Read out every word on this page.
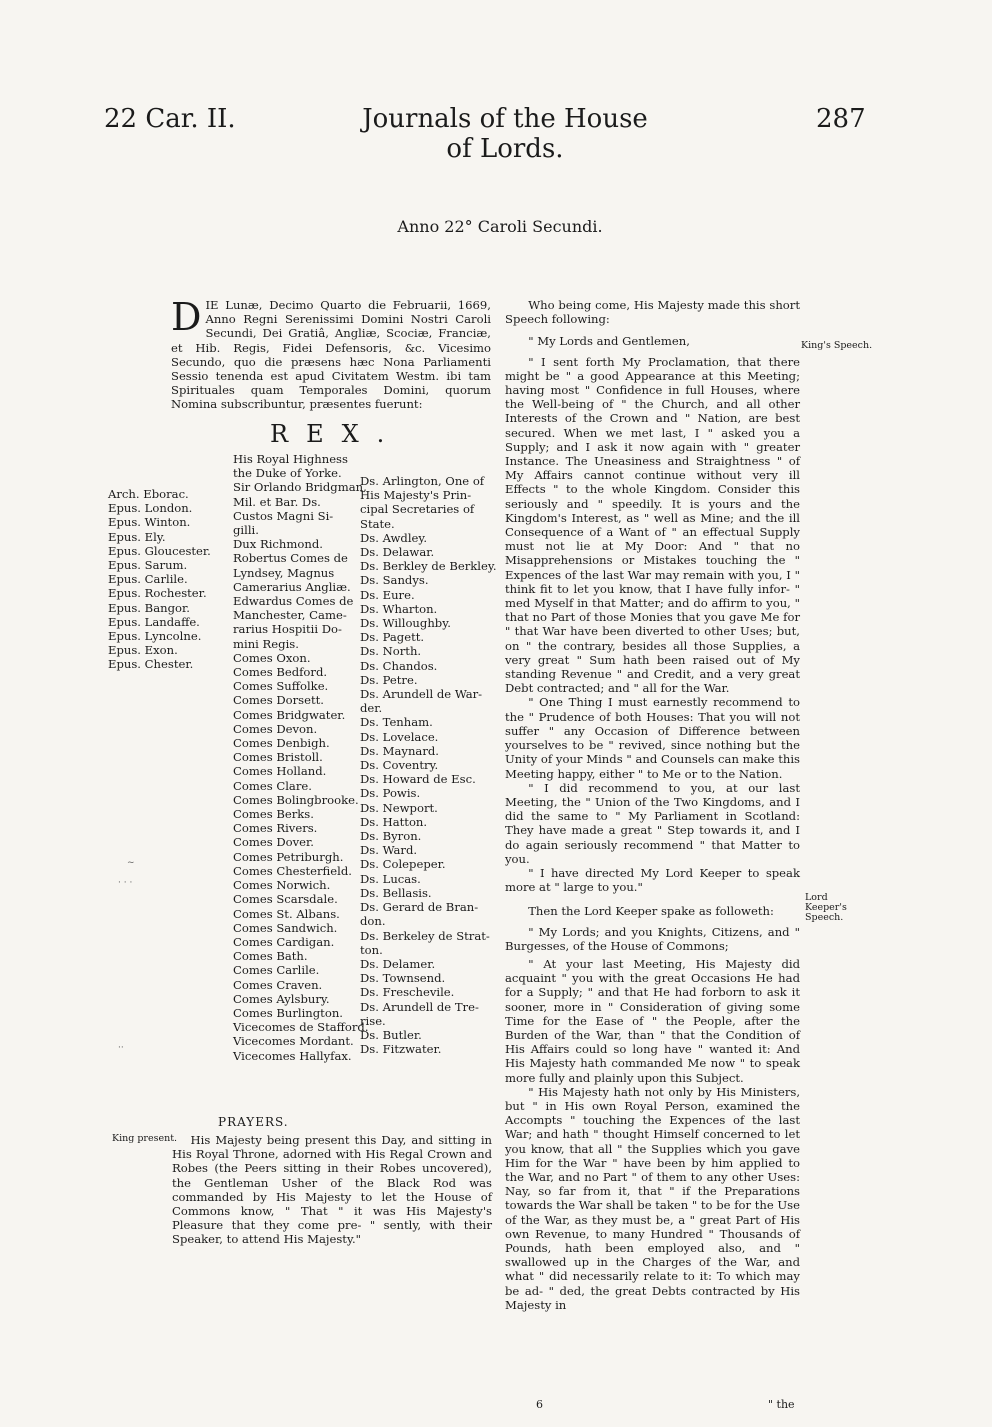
22 Car. II.	Journals of the House of Lords.
287
Anno 22° Caroli Secundi.
D IE Lunæ, Decimo Quarto die Februarii, 1669, Anno Regni Serenissimi Domini Nostri Caroli Secundi, Dei Gratiâ, Angliæ, Scociæ, Franciæ, et Hib. Regis, Fidei Defensoris, &c. Vicesimo Secundo, quo die præsens hæc Nona Parliamenti Sessio tenenda est apud Civitatem Westm. ibi tam Spirituales quam Temporales Domini, quorum Nomina subscribuntur, præsentes fuerunt:
REX.
Arch. Eborac.
Epus. London.
Epus. Winton.
Epus. Ely.
Epus. Gloucester.
Epus. Sarum.
Epus. Carlile.
Epus. Rochester.
Epus. Bangor.
Epus. Landaffe.
Epus. Lyncolne.
Epus. Exon.
Epus. Chester.
His Royal Highness
the Duke of Yorke.
Sir Orlando Bridgman,
Mil. et Bar. Ds.
Custos Magni Si-
gilli.
Dux Richmond.
Robertus Comes de
Lyndsey, Magnus
Camerarius Angliæ.
Edwardus Comes de
Manchester, Came-
rarius Hospitii Do-
mini Regis.
Comes Oxon.
Comes Bedford.
Comes Suffolke.
Comes Dorsett.
Comes Bridgwater.
Comes Devon.
Comes Denbigh.
Comes Bristoll.
Comes Holland.
Comes Clare.
Comes Bolingbrooke.
Comes Berks.
Comes Rivers.
Comes Dover.
Comes Petriburgh.
Comes Chesterfield.
Comes Norwich.
Comes Scarsdale.
Comes St. Albans.
Comes Sandwich.
Comes Cardigan.
Comes Bath.
Comes Carlile.
Comes Craven.
Comes Aylsbury.
Comes Burlington.
Vicecomes de Stafford.
Vicecomes Mordant.
Vicecomes Hallyfax.
Ds. Arlington, One of
His Majesty's Prin-
cipal Secretaries of
State.
Ds. Awdley.
Ds. Delawar.
Ds. Berkley de Berkley.
Ds. Sandys.
Ds. Eure.
Ds. Wharton.
Ds. Willoughby.
Ds. Pagett.
Ds. North.
Ds. Chandos.
Ds. Petre.
Ds. Arundell de War-
der.
Ds. Tenham.
Ds. Lovelace.
Ds. Maynard.
Ds. Coventry.
Ds. Howard de Esc.
Ds. Powis.
Ds. Newport.
Ds. Hatton.
Ds. Byron.
Ds. Ward.
Ds. Colepeper.
Ds. Lucas.
Ds. Bellasis.
Ds. Gerard de Bran-
don.
Ds. Berkeley de Strat-
ton.
Ds. Delamer.
Ds. Townsend.
Ds. Freschevile.
Ds. Arundell de Tre-
rise.
Ds. Butler.
Ds. Fitzwater.
~
· · ·
··
PRAYERS.
His Majesty being present this Day, and sitting in His Royal Throne, adorned with His Regal Crown and Robes (the Peers sitting in their Robes uncovered), the Gentleman Usher of the Black Rod was commanded by His Majesty to let the House of Commons know, " That " it was His Majesty's Pleasure that they come pre- " sently, with their Speaker, to attend His Majesty."
King present.
King's Speech.
Lord Keeper's Speech.

Who being come, His Majesty made this short Speech following:

" My Lords and Gentlemen,

" I sent forth My Proclamation, that there might be " a good Appearance at this Meeting; having most " Confidence in full Houses, where the Well-being of " the Church, and all other Interests of the Crown and " Nation, are best secured. When we met last, I " asked you a Supply; and I ask it now again with " greater Instance. The Uneasiness and Straightness " of My Affairs cannot continue without very ill Effects " to the whole Kingdom. Consider this seriously and " speedily. It is yours and the Kingdom's Interest, as " well as Mine; and the ill Consequence of a Want of " an effectual Supply must not lie at My Door: And " that no Misapprehensions or Mistakes touching the " Expences of the last War may remain with you, I " think fit to let you know, that I have fully infor- " med Myself in that Matter; and do affirm to you, " that no Part of those Monies that you gave Me for " that War have been diverted to other Uses; but, on " the contrary, besides all those Supplies, a very great " Sum hath been raised out of My standing Revenue " and Credit, and a very great Debt contracted; and " all for the War.

" One Thing I must earnestly recommend to the " Prudence of both Houses: That you will not suffer " any Occasion of Difference between yourselves to be " revived, since nothing but the Unity of your Minds " and Counsels can make this Meeting happy, either " to Me or to the Nation.

" I did recommend to you, at our last Meeting, the " Union of the Two Kingdoms, and I did the same to " My Parliament in Scotland: They have made a great " Step towards it, and I do again seriously recommend " that Matter to you.

" I have directed My Lord Keeper to speak more at " large to you."

Then the Lord Keeper spake as followeth:

" My Lords; and you Knights, Citizens, and " Burgesses, of the House of Commons;

" At your last Meeting, His Majesty did acquaint " you with the great Occasions He had for a Supply; " and that He had forborn to ask it sooner, more in " Consideration of giving some Time for the Ease of " the People, after the Burden of the War, than " that the Condition of His Affairs could so long have " wanted it: And His Majesty hath commanded Me now " to speak more fully and plainly upon this Subject.

" His Majesty hath not only by His Ministers, but " in His own Royal Person, examined the Accompts " touching the Expences of the last War; and hath " thought Himself concerned to let you know, that all " the Supplies which you gave Him for the War " have been by him applied to the War, and no Part " of them to any other Uses: Nay, so far from it, that " if the Preparations towards the War shall be taken " to be for the Use of the War, as they must be, a " great Part of His own Revenue, to many Hundred " Thousands of Pounds, hath been employed also, and " swallowed up in the Charges of the War, and what " did necessarily relate to it: To which may be ad- " ded, the great Debts contracted by His Majesty in

6	" the
